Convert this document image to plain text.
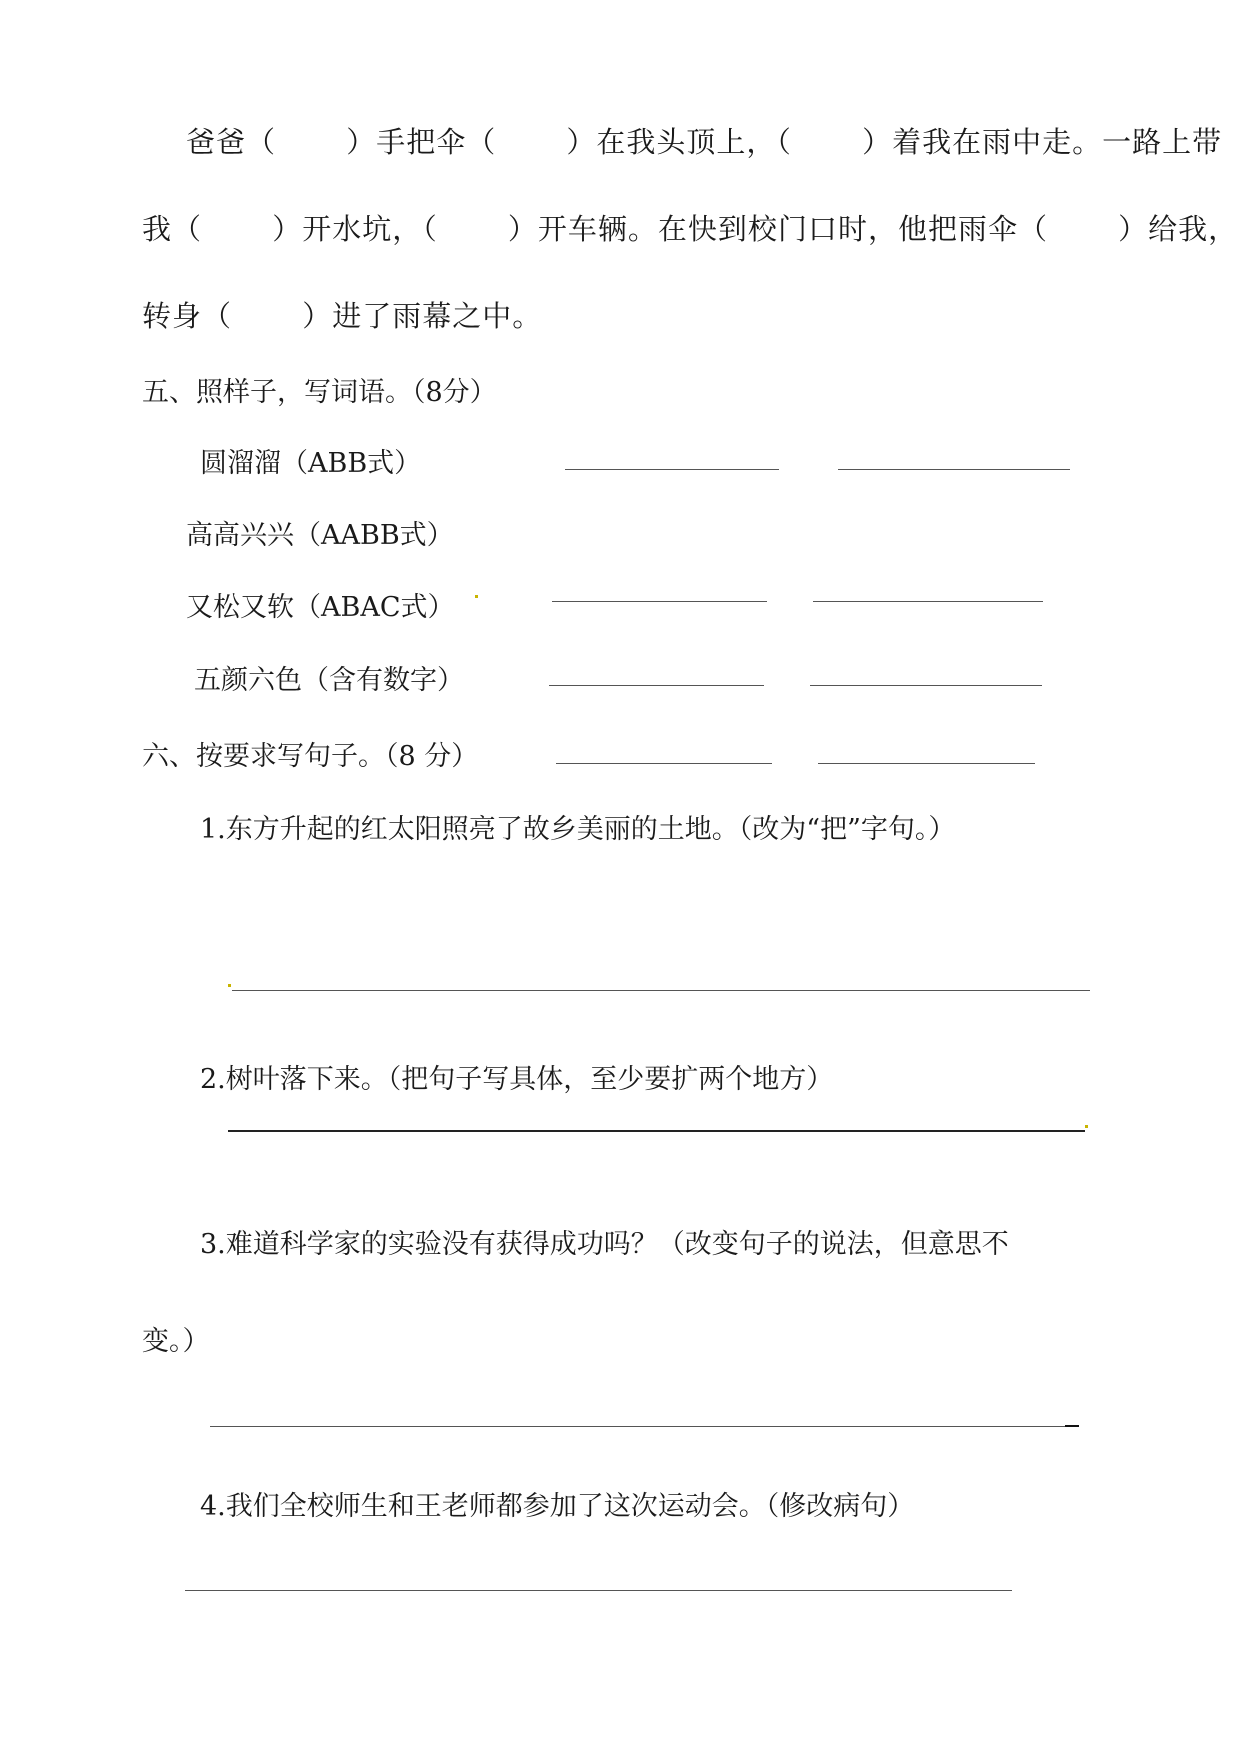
爸爸（　　 ）手把伞（　　 ）在我头顶上，（　　 ）着我在雨中走。一路上带
我（　　 ）开水坑，（　　 ）开车辆。在快到校门口时，他把雨伞（　　 ）给我，
转身（　　 ）进了雨幕之中。
五、照样子，写词语。（8分）
圆溜溜（ABB式）
高高兴兴（AABB式）
又松又软（ABAC式）
五颜六色（含有数字）
六、按要求写句子。（8 分）
1.东方升起的红太阳照亮了故乡美丽的土地。（改为“把”字句。）
2.树叶落下来。（把句子写具体，至少要扩两个地方）
3.难道科学家的实验没有获得成功吗？（改变句子的说法，但意思不
变。）
4.我们全校师生和王老师都参加了这次运动会。（修改病句）
